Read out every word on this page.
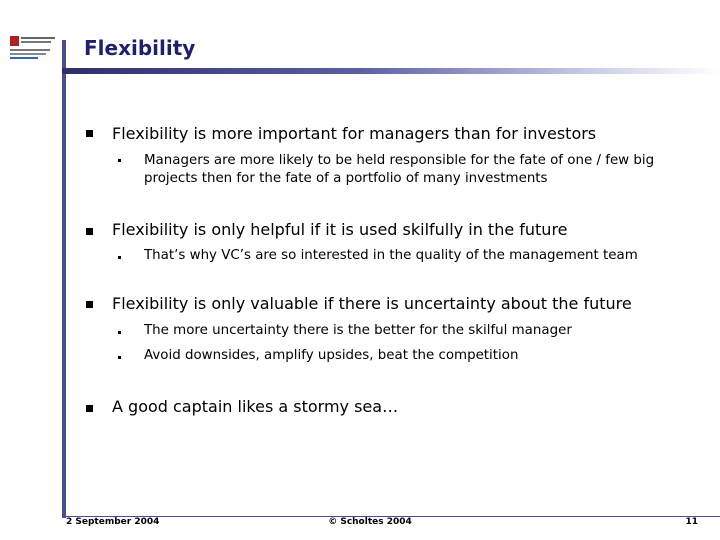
Flexibility
Flexibility is more important for managers than for investors
Managers are more likely to be held responsible for the fate of one / few big projects then for the fate of a portfolio of many investments
Flexibility is only helpful if it is used skilfully in the future
That’s why VC’s are so interested in the quality of the management team
Flexibility is only valuable if there is uncertainty about the future
The more uncertainty there is the better for the skilful manager
Avoid downsides, amplify upsides, beat the competition
A good captain likes a stormy sea…
2 September 2004	© Scholtes 2004	11
